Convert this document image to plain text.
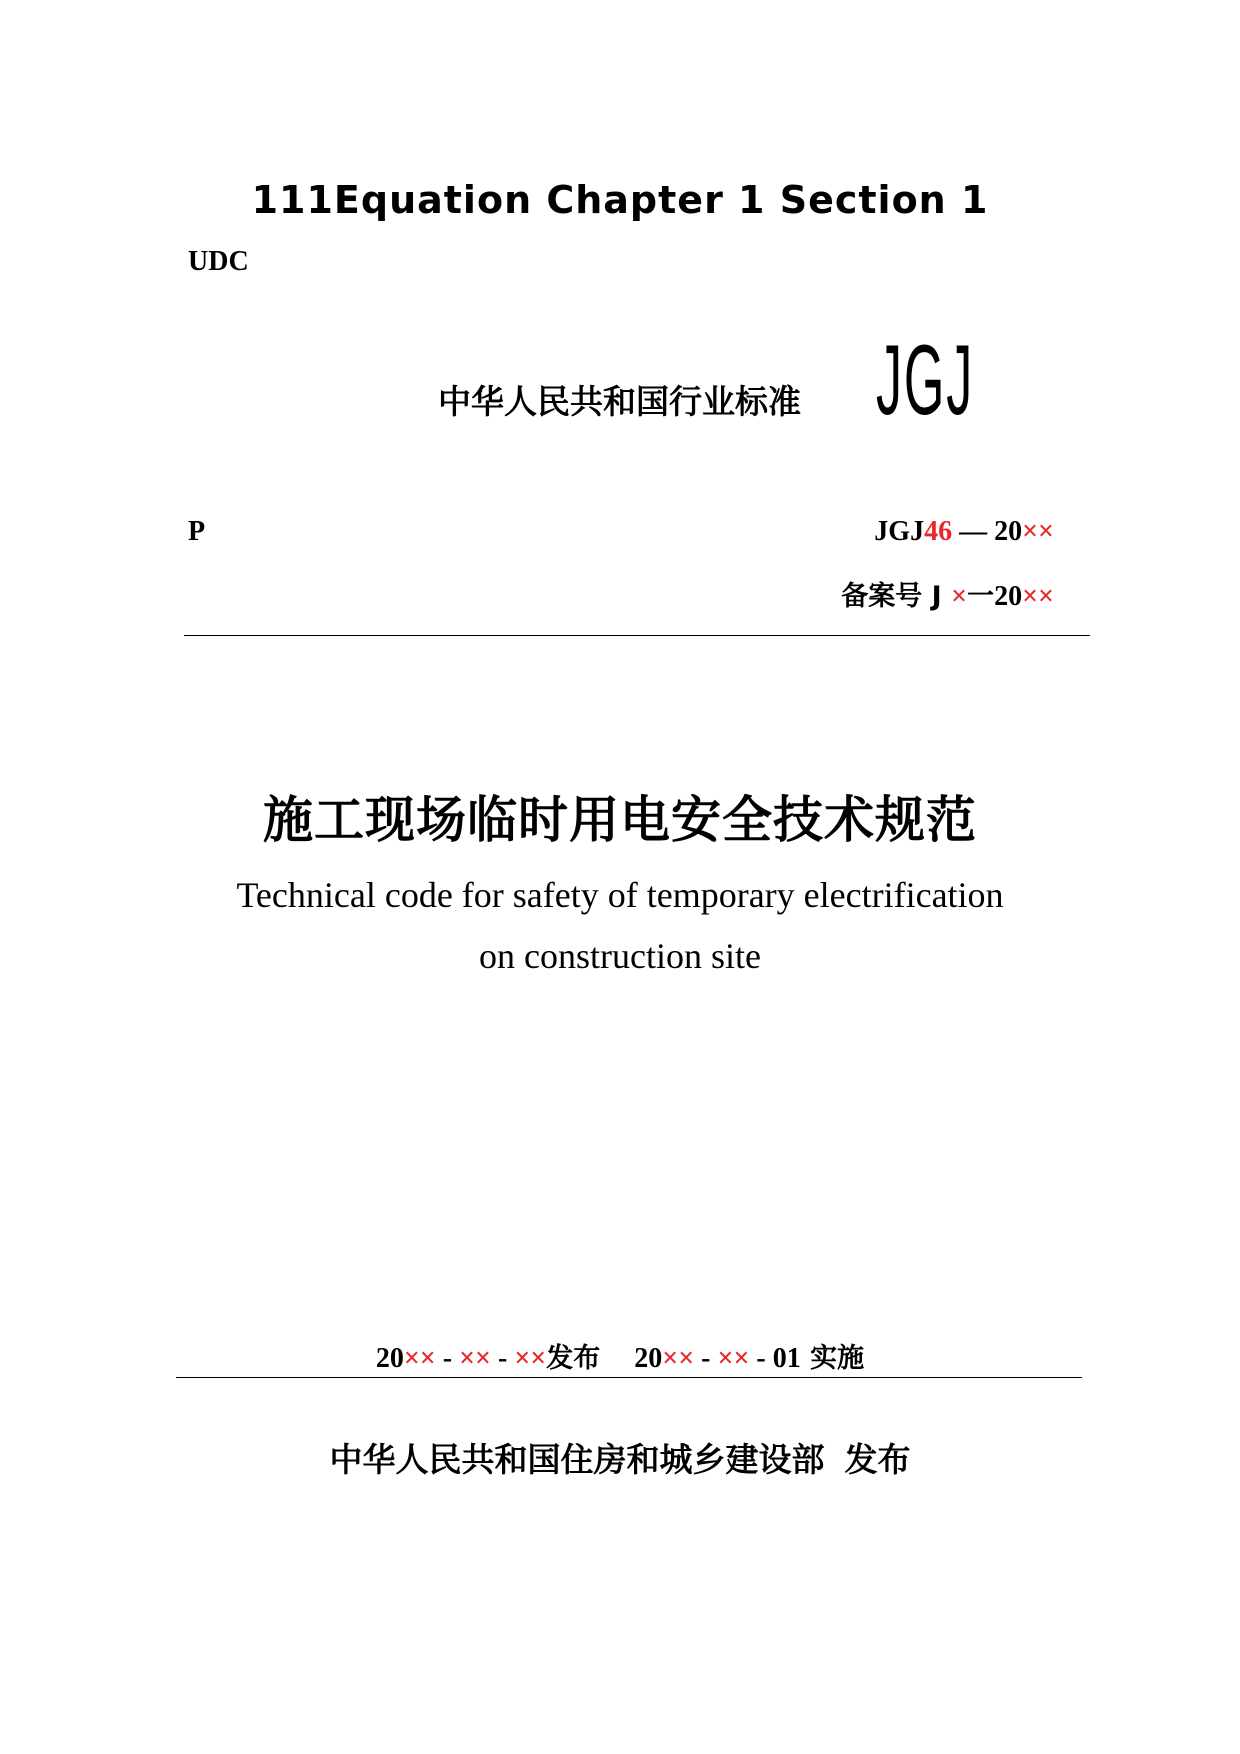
111Equation Chapter 1 Section 1
UDC
中华人民共和国行业标准 JGJ
P	JGJ46 — 20××
备案号 J ×一20××
施工现场临时用电安全技术规范
Technical code for safety of temporary electrification
on construction site
20×× - ×× - ××发布 20×× - ×× - 01 实施
中华人民共和国住房和城乡建设部 发布
